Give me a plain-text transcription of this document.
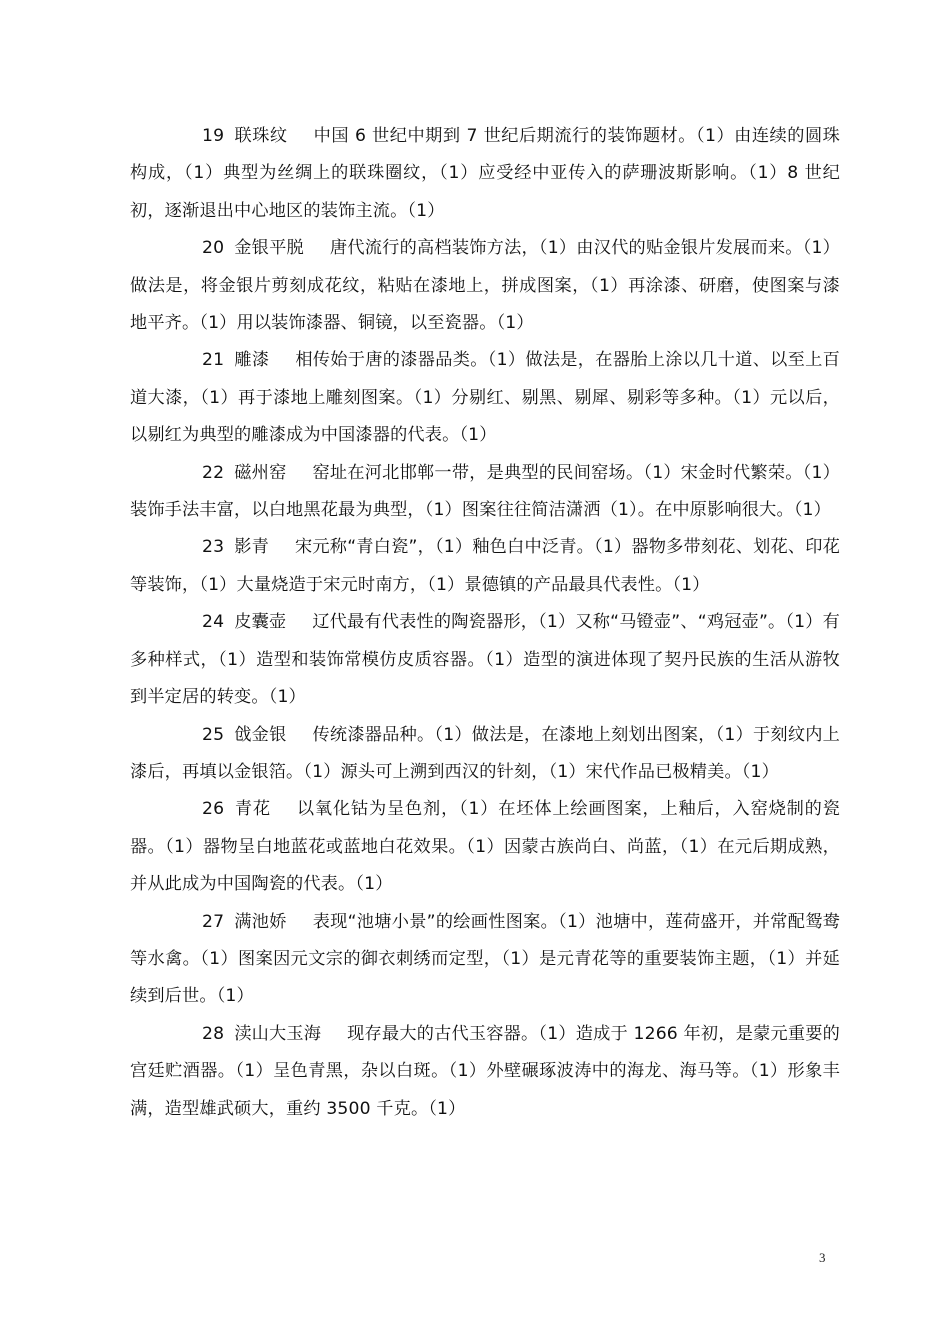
19 联珠纹 中国 6 世纪中期到 7 世纪后期流行的装饰题材。（1）由连续的圆珠构成，（1）典型为丝绸上的联珠圈纹，（1）应受经中亚传入的萨珊波斯影响。（1）8 世纪初，逐渐退出中心地区的装饰主流。（1）

20 金银平脱 唐代流行的高档装饰方法，（1）由汉代的贴金银片发展而来。（1）做法是，将金银片剪刻成花纹，粘贴在漆地上，拼成图案，（1）再涂漆、研磨，使图案与漆地平齐。（1）用以装饰漆器、铜镜，以至瓷器。（1）

21 雕漆 相传始于唐的漆器品类。（1）做法是，在器胎上涂以几十道、以至上百道大漆，（1）再于漆地上雕刻图案。（1）分剔红、剔黑、剔犀、剔彩等多种。（1）元以后，以剔红为典型的雕漆成为中国漆器的代表。（1）

22 磁州窑 窑址在河北邯郸一带，是典型的民间窑场。（1）宋金时代繁荣。（1）装饰手法丰富，以白地黑花最为典型，（1）图案往往简洁潇洒（1）。在中原影响很大。（1）

23 影青 宋元称“青白瓷”，（1）釉色白中泛青。（1）器物多带刻花、划花、印花等装饰，（1）大量烧造于宋元时南方，（1）景德镇的产品最具代表性。（1）

24 皮囊壶 辽代最有代表性的陶瓷器形，（1）又称“马镫壶”、“鸡冠壶”。（1）有多种样式，（1）造型和装饰常模仿皮质容器。（1）造型的演进体现了契丹民族的生活从游牧到半定居的转变。（1）

25 戗金银 传统漆器品种。（1）做法是，在漆地上刻划出图案，（1）于刻纹内上漆后，再填以金银箔。（1）源头可上溯到西汉的针刻，（1）宋代作品已极精美。（1）

26 青花 以氧化钴为呈色剂，（1）在坯体上绘画图案，上釉后，入窑烧制的瓷器。（1）器物呈白地蓝花或蓝地白花效果。（1）因蒙古族尚白、尚蓝，（1）在元后期成熟，并从此成为中国陶瓷的代表。（1）

27 满池娇 表现“池塘小景”的绘画性图案。（1）池塘中，莲荷盛开，并常配鸳鸯等水禽。（1）图案因元文宗的御衣刺绣而定型，（1）是元青花等的重要装饰主题，（1）并延续到后世。（1）

28 渎山大玉海 现存最大的古代玉容器。（1）造成于 1266 年初，是蒙元重要的宫廷贮酒器。（1）呈色青黑，杂以白斑。（1）外壁碾琢波涛中的海龙、海马等。（1）形象丰满，造型雄武硕大，重约 3500 千克。（1）

3
